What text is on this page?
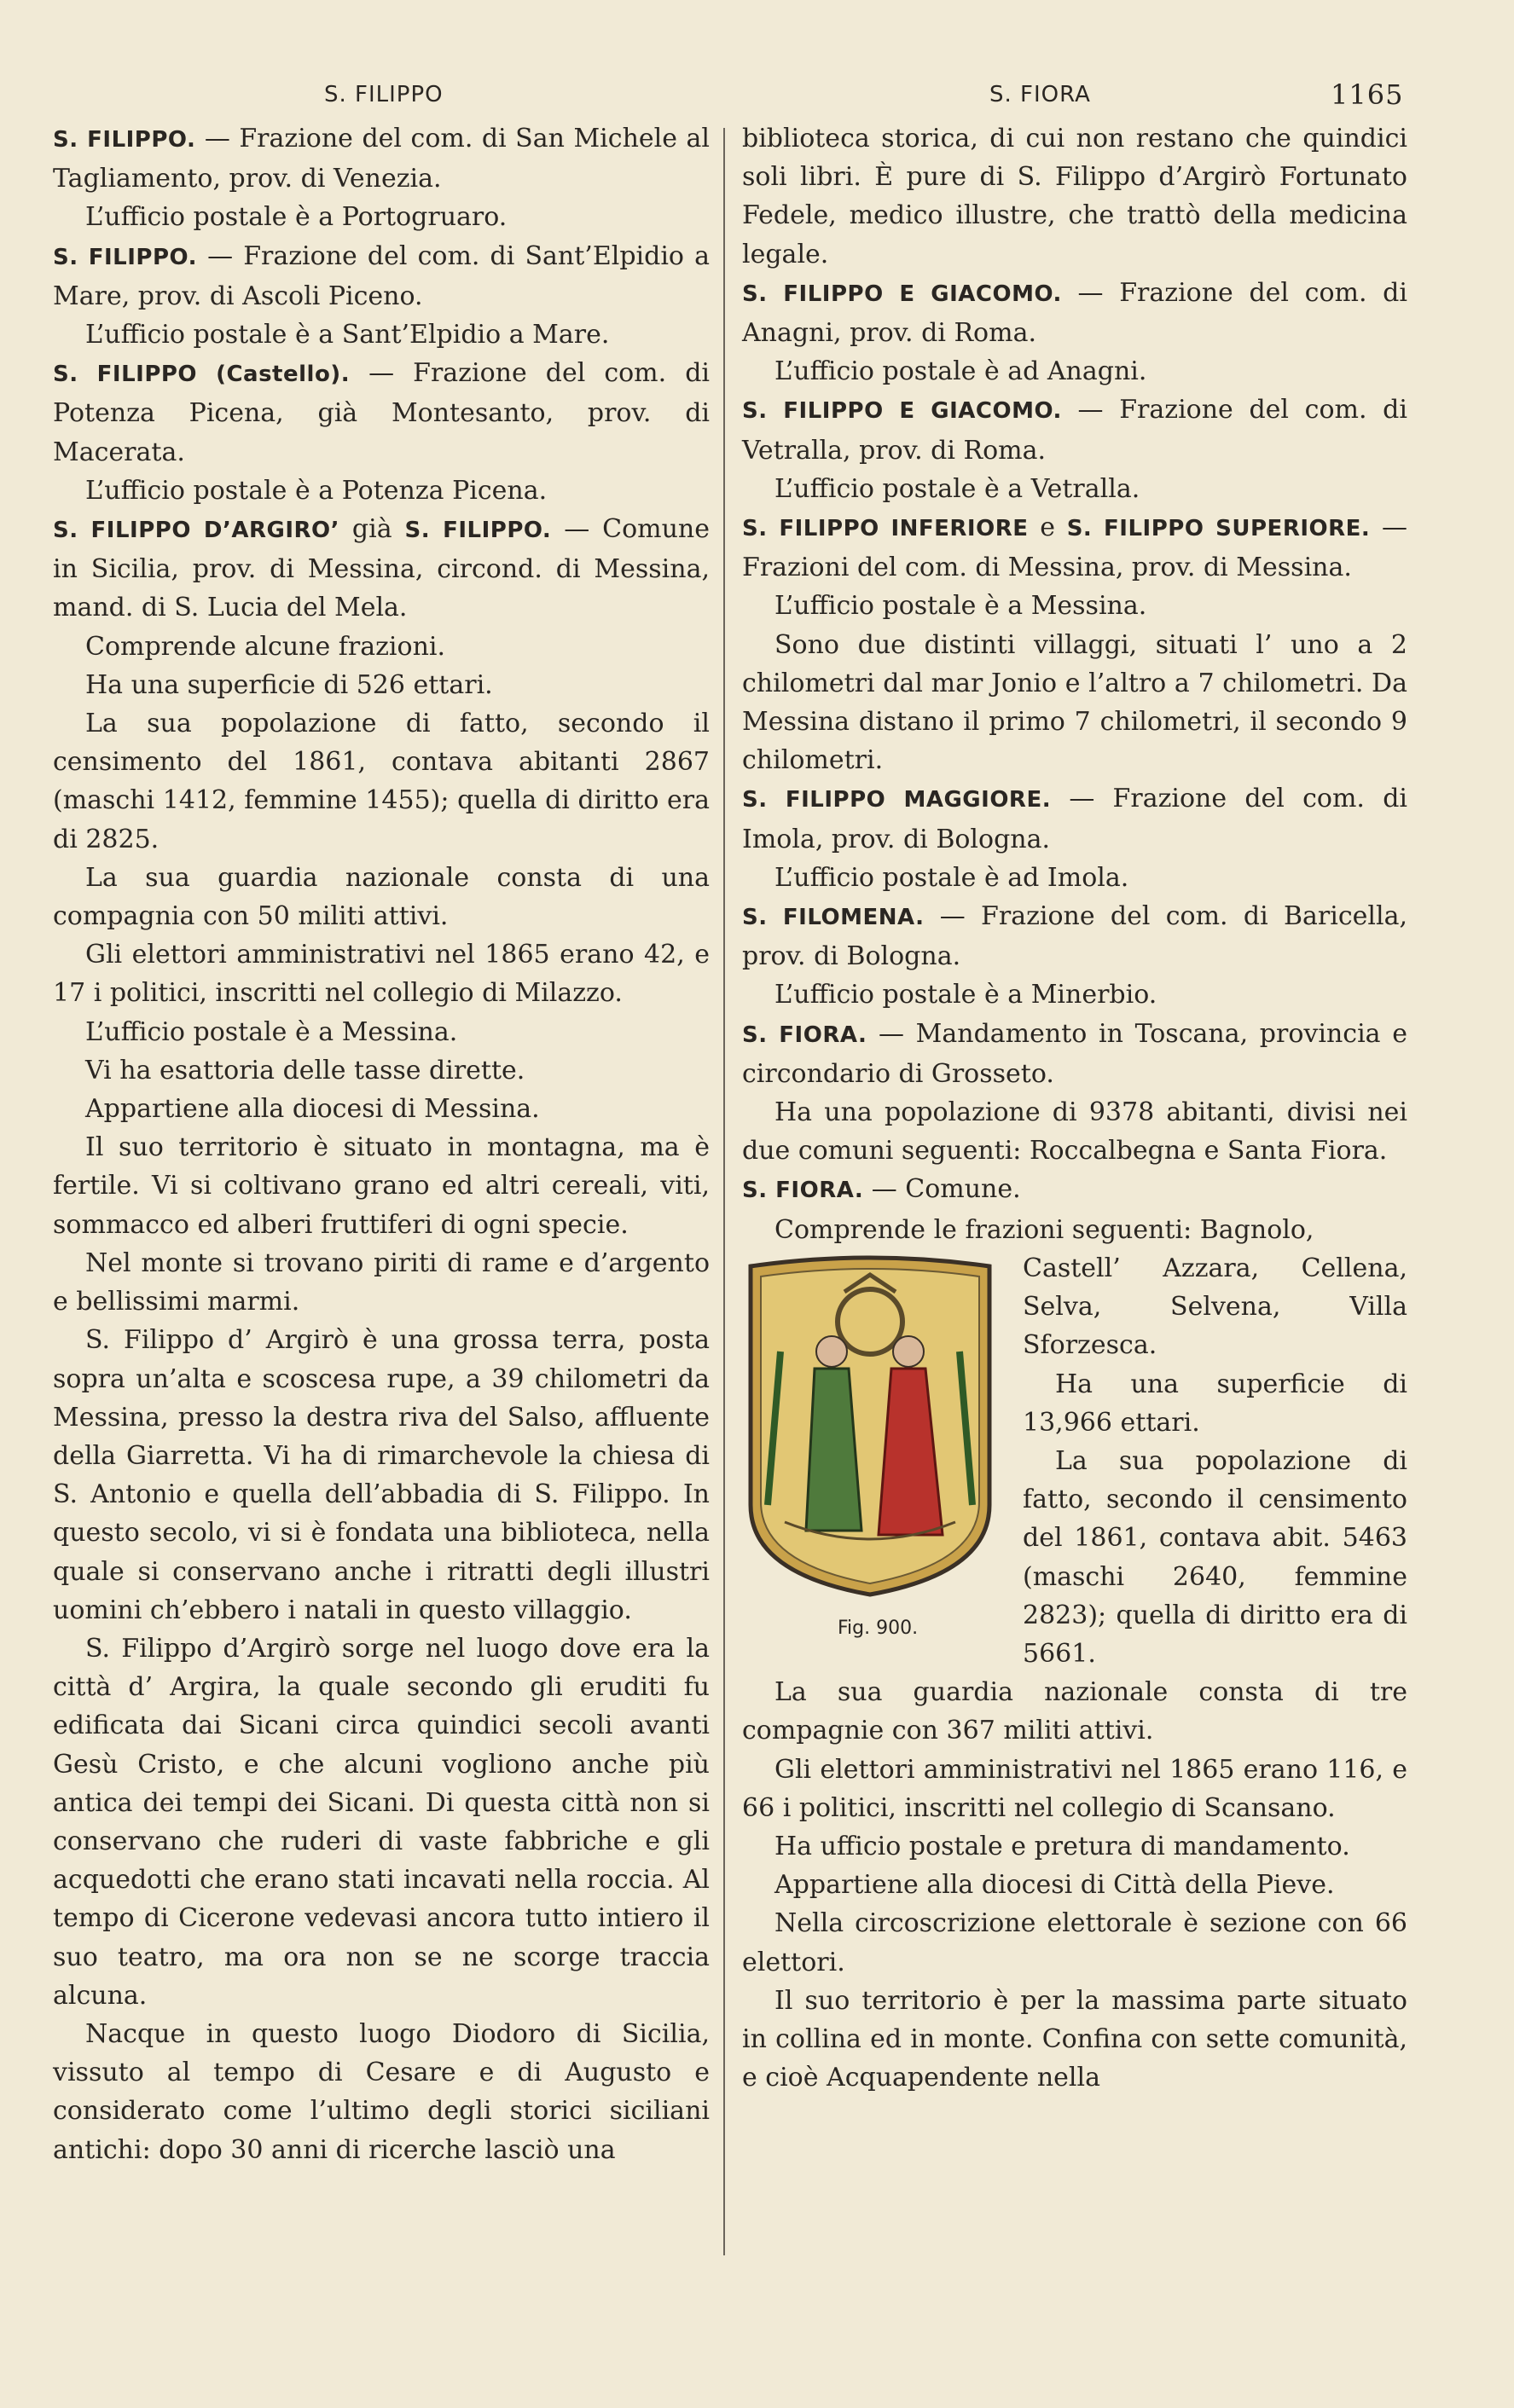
S. FILIPPO	S. FIORA	1165

S. FILIPPO. — Frazione del com. di San Michele al Tagliamento, prov. di Venezia.

L’ufficio postale è a Portogruaro.

S. FILIPPO. — Frazione del com. di Sant’Elpidio a Mare, prov. di Ascoli Piceno.

L’ufficio postale è a Sant’Elpidio a Mare.

S. FILIPPO (Castello). — Frazione del com. di Potenza Picena, già Montesanto, prov. di Macerata.

L’ufficio postale è a Potenza Picena.

S. FILIPPO D’ARGIRO’ già S. FILIPPO. — Comune in Sicilia, prov. di Messina, circond. di Messina, mand. di S. Lucia del Mela.

Comprende alcune frazioni.

Ha una superficie di 526 ettari.

La sua popolazione di fatto, secondo il censimento del 1861, contava abitanti 2867 (maschi 1412, femmine 1455); quella di diritto era di 2825.

La sua guardia nazionale consta di una compagnia con 50 militi attivi.

Gli elettori amministrativi nel 1865 erano 42, e 17 i politici, inscritti nel collegio di Milazzo.

L’ufficio postale è a Messina.

Vi ha esattoria delle tasse dirette.

Appartiene alla diocesi di Messina.

Il suo territorio è situato in montagna, ma è fertile. Vi si coltivano grano ed altri cereali, viti, sommacco ed alberi fruttiferi di ogni specie.

Nel monte si trovano piriti di rame e d’argento e bellissimi marmi.

S. Filippo d’ Argirò è una grossa terra, posta sopra un’alta e scoscesa rupe, a 39 chilometri da Messina, presso la destra riva del Salso, affluente della Giarretta. Vi ha di rimarchevole la chiesa di S. Antonio e quella dell’abbadia di S. Filippo. In questo secolo, vi si è fondata una biblioteca, nella quale si conservano anche i ritratti degli illustri uomini ch’ebbero i natali in questo villaggio.

S. Filippo d’Argirò sorge nel luogo dove era la città d’ Argira, la quale secondo gli eruditi fu edificata dai Sicani circa quindici secoli avanti Gesù Cristo, e che alcuni vogliono anche più antica dei tempi dei Sicani. Di questa città non si conservano che ruderi di vaste fabbriche e gli acquedotti che erano stati incavati nella roccia. Al tempo di Cicerone vedevasi ancora tutto intiero il suo teatro, ma ora non se ne scorge traccia alcuna.

Nacque in questo luogo Diodoro di Sicilia, vissuto al tempo di Cesare e di Augusto e considerato come l’ultimo degli storici siciliani antichi: dopo 30 anni di ricerche lasciò una

biblioteca storica, di cui non restano che quindici soli libri. È pure di S. Filippo d’Argirò Fortunato Fedele, medico illustre, che trattò della medicina legale.

S. FILIPPO E GIACOMO. — Frazione del com. di Anagni, prov. di Roma.

L’ufficio postale è ad Anagni.

S. FILIPPO E GIACOMO. — Frazione del com. di Vetralla, prov. di Roma.

L’ufficio postale è a Vetralla.

S. FILIPPO INFERIORE e S. FILIPPO SUPERIORE. — Frazioni del com. di Messina, prov. di Messina.

L’ufficio postale è a Messina.

Sono due distinti villaggi, situati l’ uno a 2 chilometri dal mar Jonio e l’altro a 7 chilometri. Da Messina distano il primo 7 chilometri, il secondo 9 chilometri.

S. FILIPPO MAGGIORE. — Frazione del com. di Imola, prov. di Bologna.

L’ufficio postale è ad Imola.

S. FILOMENA. — Frazione del com. di Baricella, prov. di Bologna.

L’ufficio postale è a Minerbio.

S. FIORA. — Mandamento in Toscana, provincia e circondario di Grosseto.

Ha una popolazione di 9378 abitanti, divisi nei due comuni seguenti: Roccalbegna e Santa Fiora.

S. FIORA. — Comune.

Comprende le frazioni seguenti: Bagnolo,

Fig. 900.

Castell’ Azzara, Cellena, Selva, Selvena, Villa Sforzesca.

Ha una superficie di 13,966 ettari.

La sua popolazione di fatto, secondo il censimento del 1861, contava abit. 5463 (maschi 2640, femmine 2823); quella di diritto era di 5661.

La sua guardia nazionale consta di tre compagnie con 367 militi attivi.

Gli elettori amministrativi nel 1865 erano 116, e 66 i politici, inscritti nel collegio di Scansano.

Ha ufficio postale e pretura di mandamento.

Appartiene alla diocesi di Città della Pieve.

Nella circoscrizione elettorale è sezione con 66 elettori.

Il suo territorio è per la massima parte situato in collina ed in monte. Confina con sette comunità, e cioè Acquapendente nella
